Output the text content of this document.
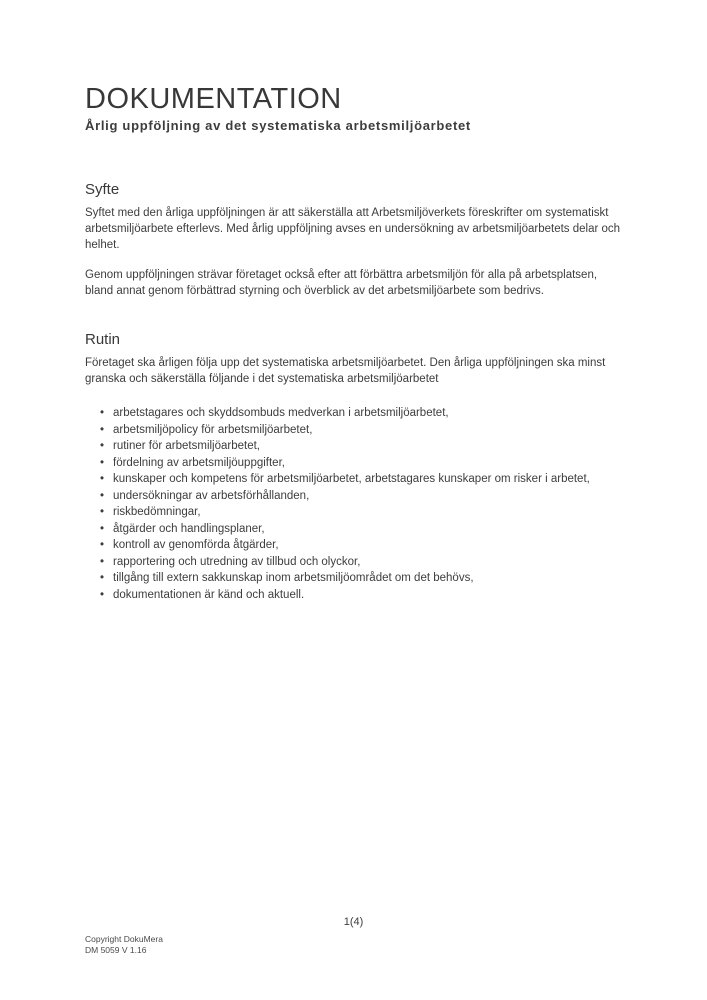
DOKUMENTATION
Årlig uppföljning av det systematiska arbetsmiljöarbetet
Syfte

Syftet med den årliga uppföljningen är att säkerställa att Arbetsmiljöverkets föreskrifter om systematiskt arbetsmiljöarbete efterlevs. Med årlig uppföljning avses en undersökning av arbetsmiljöarbetets delar och helhet.

Genom uppföljningen strävar företaget också efter att förbättra arbetsmiljön för alla på arbetsplatsen, bland annat genom förbättrad styrning och överblick av det arbetsmiljöarbete som bedrivs.

Rutin

Företaget ska årligen följa upp det systematiska arbetsmiljöarbetet. Den årliga uppföljningen ska minst granska och säkerställa följande i det systematiska arbetsmiljöarbetet

• arbetstagares och skyddsombuds medverkan i arbetsmiljöarbetet,
• arbetsmiljöpolicy för arbetsmiljöarbetet,
• rutiner för arbetsmiljöarbetet,
• fördelning av arbetsmiljöuppgifter,
• kunskaper och kompetens för arbetsmiljöarbetet, arbetstagares kunskaper om risker i arbetet,
• undersökningar av arbetsförhållanden,
• riskbedömningar,
• åtgärder och handlingsplaner,
• kontroll av genomförda åtgärder,
• rapportering och utredning av tillbud och olyckor,
• tillgång till extern sakkunskap inom arbetsmiljöområdet om det behövs,
• dokumentationen är känd och aktuell.
1(4)
Copyright DokuMera
DM 5059 V 1.16
